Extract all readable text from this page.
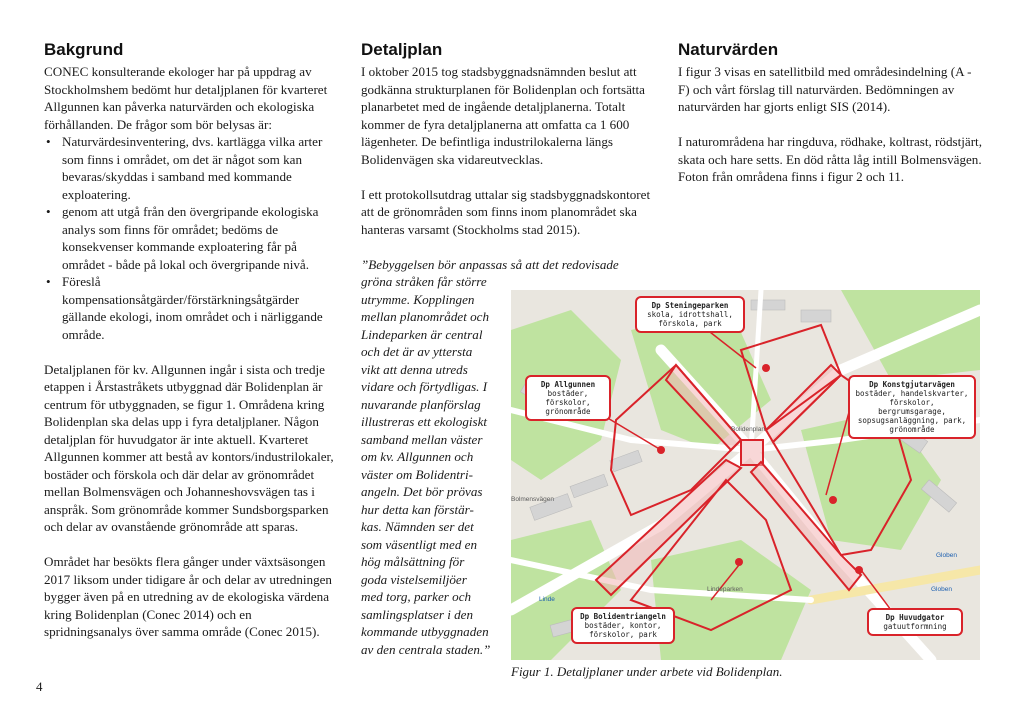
Bakgrund

CONEC konsulterande ekologer har på uppdrag av Stockholmshem bedömt hur detaljplanen för kvarteret Allgunnen kan påverka naturvärden och ekologiska förhållanden. De frågor som bör belysas är:

• Naturvärdesinventering, dvs. kartlägga vilka arter som finns i området, om det är något som kan bevaras/skyddas i samband med kommande exploatering.
• genom att utgå från den övergripande ekologiska analys som finns för området; bedöms de konsekvenser kommande exploatering får på området - både på lokal och övergripande nivå.
• Föreslå kompensationsåtgärder/förstärkningsåtgärder gällande ekologi, inom området och i närliggande område.

Detaljplanen för kv. Allgunnen ingår i sista och tredje etappen i Årstastråkets utbyggnad där Bolidenplan är centrum för utbyggnaden, se figur 1. Områdena kring Bolidenplan ska delas upp i fyra detaljplaner. Någon detaljplan för huvudgator är inte aktuell. Kvarteret Allgunnen kommer att bestå av kontors/industrilokaler, bostäder och förskola och där delar av grönområdet mellan Bolmensvägen och Johanneshovsvägen tas i anspråk. Som grönområde kommer Sundsborgsparken och delar av ovanstående grönområde att sparas.

Området har besökts flera gånger under växtsäsongen 2017 liksom under tidigare år och delar av utredningen bygger även på en utredning av de ekologiska värdena kring Bolidenplan (Conec 2014) och en spridningsanalys över samma område (Conec 2015).

Detaljplan

I oktober 2015 tog stadsbyggnadsnämnden beslut att godkänna strukturplanen för Bolidenplan och fortsätta planarbetet med de ingående detaljplanerna. Totalt kommer de fyra detaljplanerna att omfatta ca 1 600 lägenheter. De befintliga industrilokalerna längs Bolidenvägen ska vidareutvecklas.

I ett protokollsutdrag uttalar sig stadsbyggnadskontoret att de grönområden som finns inom planområdet ska hanteras varsamt (Stockholms stad 2015).

”Bebyggelsen bör anpassas så att det redovisade
gröna stråken får större
utrymme. Kopplingen
mellan planområdet och
Lindeparken är central
och det är av yttersta
vikt att denna utreds
vidare och förtydligas. I
nuvarande planförslag
illustreras ett ekologiskt
samband mellan väster
om kv. Allgunnen och
väster om Bolidentri-
angeln. Det bör prövas
hur detta kan förstär-
kas. Nämnden ser det
som väsentligt med en
hög målsättning för
goda vistelsemiljöer
med torg, parker och
samlingsplatser i den
kommande utbyggnaden
av den centrala staden.”
Naturvärden

I figur 3 visas en satellitbild med områdesindelning (A - F) och vårt förslag till naturvärden. Bedömningen av naturvärden har gjorts enligt SIS (2014).

I naturområdena har ringduva, rödhake, koltrast, rödstjärt, skata och hare setts. En död råtta låg intill Bolmensvägen. Foton från områdena finns i figur 2 och 11.

Bolidenplan
Globen
Globen
Linde
Lindeparken
Bolmensvägen
Dp Steningeparken
skola, idrottshall, förskola, park
Dp Allgunnen
bostäder, förskolor, grönområde
Dp Konstgjutarvägen
bostäder, handelskvarter, förskolor, bergrumsgarage, sopsugsanläggning, park, grönområde
Dp Bolidentriangeln
bostäder, kontor, förskolor, park
Dp Huvudgator
gatuutformning
Figur 1. Detaljplaner under arbete vid Bolidenplan.
4
